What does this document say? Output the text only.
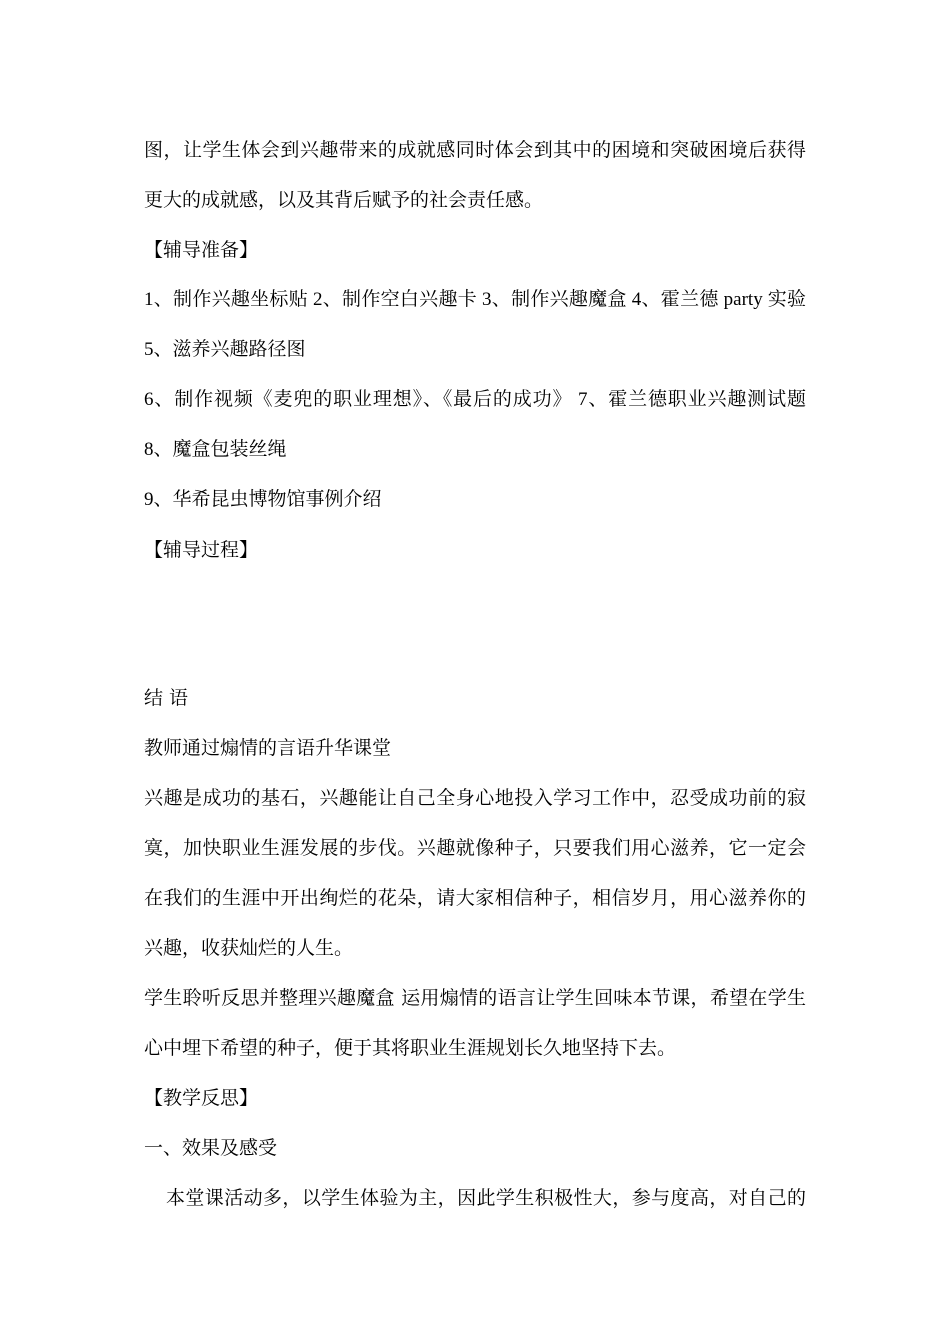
图，让学生体会到兴趣带来的成就感同时体会到其中的困境和突破困境后获得

更大的成就感，以及其背后赋予的社会责任感。

【辅导准备】

1、制作兴趣坐标贴 2、制作空白兴趣卡 3、制作兴趣魔盒 4、霍兰德 party 实验

5、滋养兴趣路径图

6、制作视频《麦兜的职业理想》、《最后的成功》 7、霍兰德职业兴趣测试题

8、魔盒包装丝绳

9、华希昆虫博物馆事例介绍

【辅导过程】

结 语

教师通过煽情的言语升华课堂

兴趣是成功的基石，兴趣能让自己全身心地投入学习工作中，忍受成功前的寂

寞，加快职业生涯发展的步伐。兴趣就像种子，只要我们用心滋养，它一定会

在我们的生涯中开出绚烂的花朵，请大家相信种子，相信岁月，用心滋养你的

兴趣，收获灿烂的人生。

学生聆听反思并整理兴趣魔盒 运用煽情的语言让学生回味本节课，希望在学生

心中埋下希望的种子，便于其将职业生涯规划长久地坚持下去。

【教学反思】

一、效果及感受

本堂课活动多，以学生体验为主，因此学生积极性大，参与度高，对自己的
